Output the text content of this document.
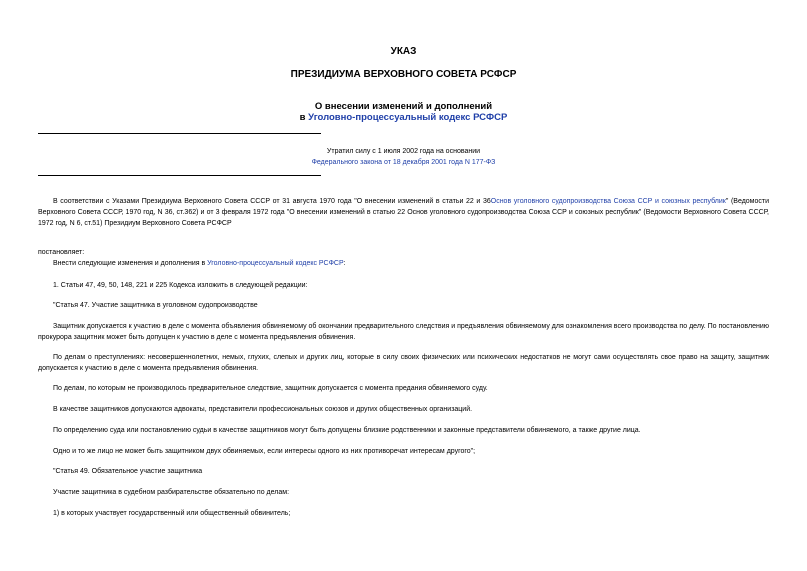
УКАЗ
ПРЕЗИДИУМА ВЕРХОВНОГО СОВЕТА РСФСР
О внесении изменений и дополнений
в Уголовно-процессуальный кодекс РСФСР
Утратил силу с 1 июля 2002 года на основании
Федерального закона от 18 декабря 2001 года N 177-ФЗ
В соответствии с Указами Президиума Верховного Совета СССР от 31 августа 1970 года "О внесении изменений в статьи 22 и 36Основ уголовного судопроизводства Союза ССР и союзных республик" (Ведомости Верховного Совета СССР, 1970 год, N 36, ст.362) и от 3 февраля 1972 года "О внесении изменений в статью 22 Основ уголовного судопроизводства Союза ССР и союзных республик" (Ведомости Верховного Совета СССР, 1972 год, N 6, ст.51) Президиум Верховного Совета РСФСР
постановляет:
Внести следующие изменения и дополнения в Уголовно-процессуальный кодекс РСФСР:
1. Статьи 47, 49, 50, 148, 221 и 225 Кодекса изложить в следующей редакции:
"Статья 47. Участие защитника в уголовном судопроизводстве
Защитник допускается к участию в деле с момента объявления обвиняемому об окончании предварительного следствия и предъявления обвиняемому для ознакомления всего производства по делу. По постановлению прокурора защитник может быть допущен к участию в деле с момента предъявления обвинения.
По делам о преступлениях: несовершеннолетних, немых, глухих, слепых и других лиц, которые в силу своих физических или психических недостатков не могут сами осуществлять свое право на защиту, защитник допускается к участию в деле с момента предъявления обвинения.
По делам, по которым не производилось предварительное следствие, защитник допускается с момента предания обвиняемого суду.
В качестве защитников допускаются адвокаты, представители профессиональных союзов и других общественных организаций.
По определению суда или постановлению судьи в качестве защитников могут быть допущены близкие родственники и законные представители обвиняемого, а также другие лица.
Одно и то же лицо не может быть защитником двух обвиняемых, если интересы одного из них противоречат интересам другого";
"Статья 49. Обязательное участие защитника
Участие защитника в судебном разбирательстве обязательно по делам:
1) в которых участвует государственный или общественный обвинитель;
